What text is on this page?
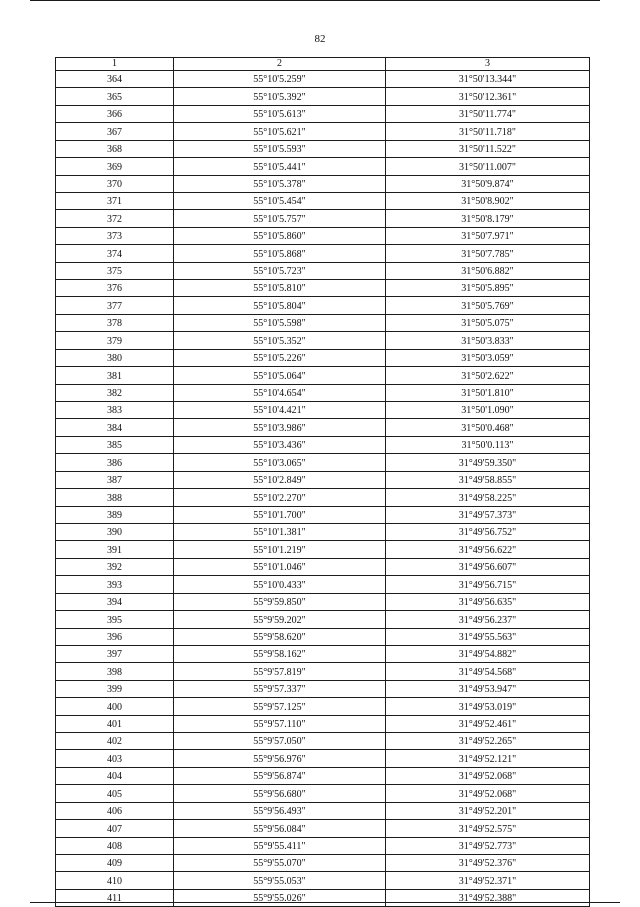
82
1	2	3
364	55°10'5.259"	31°50'13.344"
365	55°10'5.392"	31°50'12.361"
366	55°10'5.613"	31°50'11.774"
367	55°10'5.621"	31°50'11.718"
368	55°10'5.593"	31°50'11.522"
369	55°10'5.441"	31°50'11.007"
370	55°10'5.378"	31°50'9.874"
371	55°10'5.454"	31°50'8.902"
372	55°10'5.757"	31°50'8.179"
373	55°10'5.860"	31°50'7.971"
374	55°10'5.868"	31°50'7.785"
375	55°10'5.723"	31°50'6.882"
376	55°10'5.810"	31°50'5.895"
377	55°10'5.804"	31°50'5.769"
378	55°10'5.598"	31°50'5.075"
379	55°10'5.352"	31°50'3.833"
380	55°10'5.226"	31°50'3.059"
381	55°10'5.064"	31°50'2.622"
382	55°10'4.654"	31°50'1.810"
383	55°10'4.421"	31°50'1.090"
384	55°10'3.986"	31°50'0.468"
385	55°10'3.436"	31°50'0.113"
386	55°10'3.065"	31°49'59.350"
387	55°10'2.849"	31°49'58.855"
388	55°10'2.270"	31°49'58.225"
389	55°10'1.700"	31°49'57.373"
390	55°10'1.381"	31°49'56.752"
391	55°10'1.219"	31°49'56.622"
392	55°10'1.046"	31°49'56.607"
393	55°10'0.433"	31°49'56.715"
394	55°9'59.850"	31°49'56.635"
395	55°9'59.202"	31°49'56.237"
396	55°9'58.620"	31°49'55.563"
397	55°9'58.162"	31°49'54.882"
398	55°9'57.819"	31°49'54.568"
399	55°9'57.337"	31°49'53.947"
400	55°9'57.125"	31°49'53.019"
401	55°9'57.110"	31°49'52.461"
402	55°9'57.050"	31°49'52.265"
403	55°9'56.976"	31°49'52.121"
404	55°9'56.874"	31°49'52.068"
405	55°9'56.680"	31°49'52.068"
406	55°9'56.493"	31°49'52.201"
407	55°9'56.084"	31°49'52.575"
408	55°9'55.411"	31°49'52.773"
409	55°9'55.070"	31°49'52.376"
410	55°9'55.053"	31°49'52.371"
411	55°9'55.026"	31°49'52.388"
